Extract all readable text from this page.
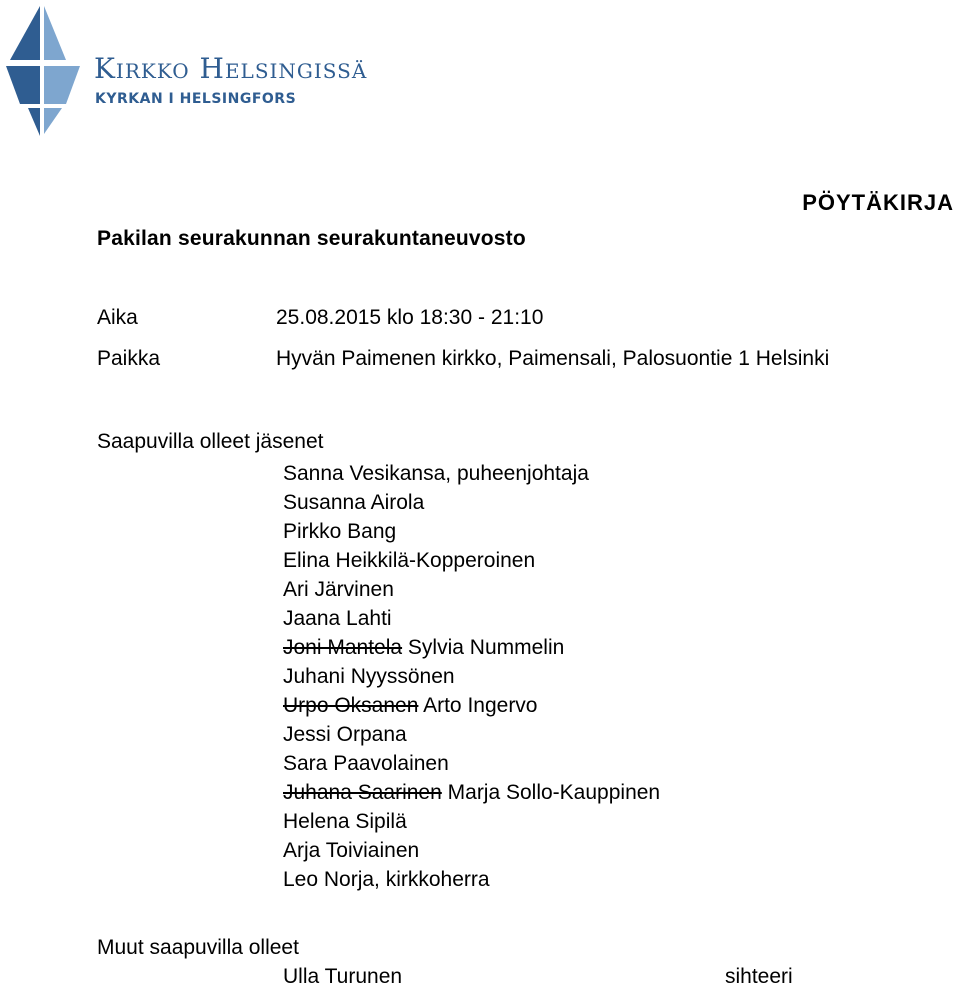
Kirkko Helsingissä
KYRKAN I HELSINGFORS
PÖYTÄKIRJA
Pakilan seurakunnan seurakuntaneuvosto
Aika	25.08.2015 klo 18:30 - 21:10
Paikka	Hyvän Paimenen kirkko, Paimensali, Palosuontie 1 Helsinki
Saapuvilla olleet jäsenet
Sanna Vesikansa, puheenjohtaja
Susanna Airola
Pirkko Bang
Elina Heikkilä-Kopperoinen
Ari Järvinen
Jaana Lahti
Joni Mantela Sylvia Nummelin
Juhani Nyyssönen
Urpo Oksanen Arto Ingervo
Jessi Orpana
Sara Paavolainen
Juhana Saarinen Marja Sollo-Kauppinen
Helena Sipilä
Arja Toiviainen
Leo Norja, kirkkoherra
Muut saapuvilla olleet
Ulla Turunen	sihteeri
